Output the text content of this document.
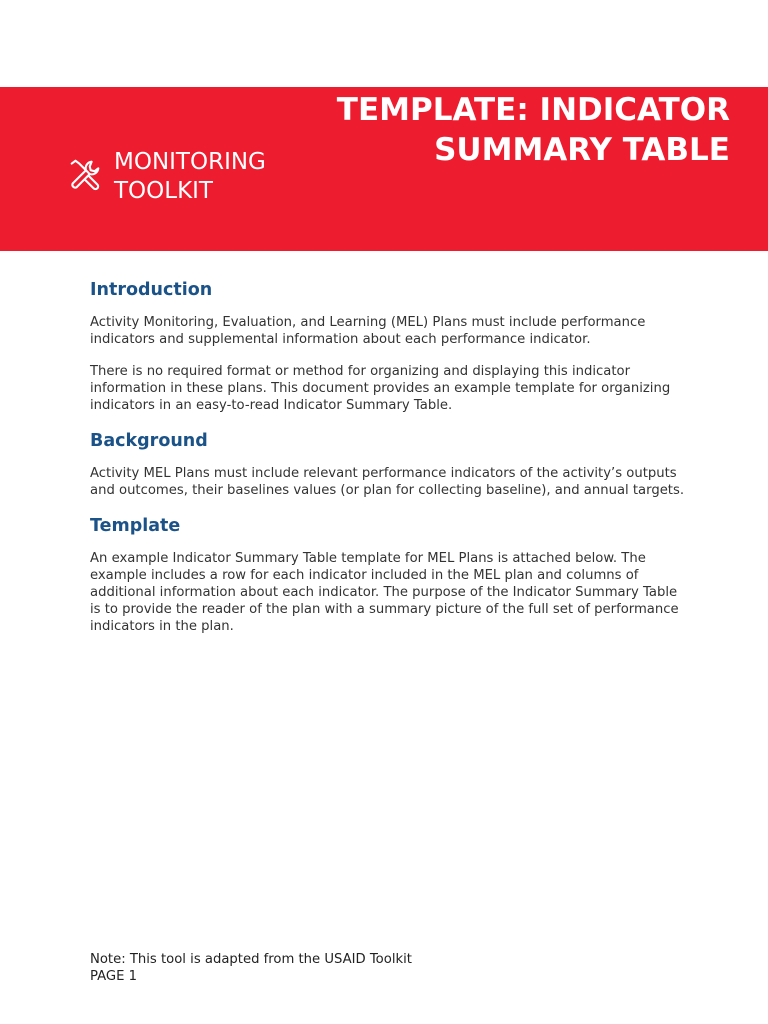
MONITORING
TOOLKIT
TEMPLATE: INDICATOR
SUMMARY TABLE
Introduction

Activity Monitoring, Evaluation, and Learning (MEL) Plans must include performance indicators and supplemental information about each performance indicator.

There is no required format or method for organizing and displaying this indicator information in these plans. This document provides an example template for organizing indicators in an easy-to-read Indicator Summary Table.

Background

Activity MEL Plans must include relevant performance indicators of the activity’s outputs and outcomes, their baselines values (or plan for collecting baseline), and annual targets.

Template

An example Indicator Summary Table template for MEL Plans is attached below. The example includes a row for each indicator included in the MEL plan and columns of additional information about each indicator. The purpose of the Indicator Summary Table is to provide the reader of the plan with a summary picture of the full set of performance indicators in the plan.

Note: This tool is adapted from the USAID Toolkit
PAGE 1
